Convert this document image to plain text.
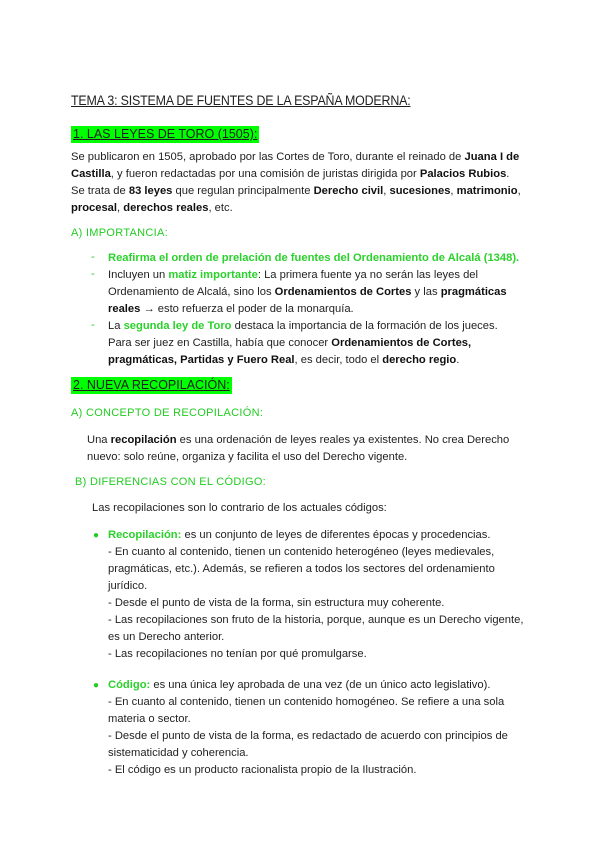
TEMA 3: SISTEMA DE FUENTES DE LA ESPAÑA MODERNA:
1. LAS LEYES DE TORO (1505):
Se publicaron en 1505, aprobado por las Cortes de Toro, durante el reinado de Juana I de
Castilla, y fueron redactadas por una comisión de juristas dirigida por Palacios Rubios.
Se trata de 83 leyes que regulan principalmente Derecho civil, sucesiones, matrimonio,
procesal, derechos reales, etc.
A) IMPORTANCIA:
- Reafirma el orden de prelación de fuentes del Ordenamiento de Alcalá (1348).
- Incluyen un matiz importante: La primera fuente ya no serán las leyes del
Ordenamiento de Alcalá, sino los Ordenamientos de Cortes y las pragmáticas
reales → esto refuerza el poder de la monarquía.
- La segunda ley de Toro destaca la importancia de la formación de los jueces.
Para ser juez en Castilla, había que conocer Ordenamientos de Cortes,
pragmáticas, Partidas y Fuero Real, es decir, todo el derecho regio.
2. NUEVA RECOPILACIÓN:
A) CONCEPTO DE RECOPILACIÓN:
Una recopilación es una ordenación de leyes reales ya existentes. No crea Derecho
nuevo: solo reúne, organiza y facilita el uso del Derecho vigente.
B) DIFERENCIAS CON EL CÓDIGO:
Las recopilaciones son lo contrario de los actuales códigos:
● Recopilación: es un conjunto de leyes de diferentes épocas y procedencias.
- En cuanto al contenido, tienen un contenido heterogéneo (leyes medievales,
pragmáticas, etc.). Además, se refieren a todos los sectores del ordenamiento
jurídico.
- Desde el punto de vista de la forma, sin estructura muy coherente.
- Las recopilaciones son fruto de la historia, porque, aunque es un Derecho vigente,
es un Derecho anterior.
- Las recopilaciones no tenían por qué promulgarse.
● Código: es una única ley aprobada de una vez (de un único acto legislativo).
- En cuanto al contenido, tienen un contenido homogéneo. Se refiere a una sola
materia o sector.
- Desde el punto de vista de la forma, es redactado de acuerdo con principios de
sistematicidad y coherencia.
- El código es un producto racionalista propio de la Ilustración.
